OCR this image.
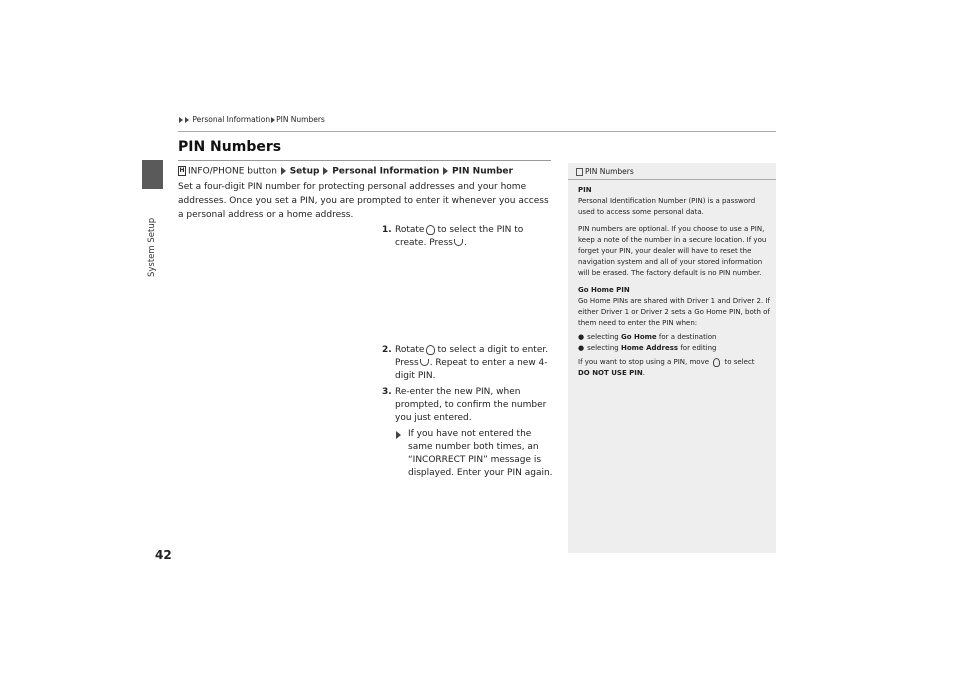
System Setup
42
Personal Information PIN Numbers
PIN Numbers
H INFO/PHONE button Setup Personal Information PIN Number
Set a four-digit PIN number for protecting personal addresses and your home addresses. Once you set a PIN, you are prompted to enter it whenever you access a personal address or a home address.
1. Rotate to select the PIN to create. Press .
2. Rotate to select a digit to enter. Press . Repeat to enter a new 4-digit PIN.
3. Re-enter the new PIN, when prompted, to confirm the number you just entered.
If you have not entered the same number both times, an “INCORRECT PIN” message is displayed. Enter your PIN again.
PIN Numbers

PIN
Personal Identification Number (PIN) is a password used to access some personal data.

PIN numbers are optional. If you choose to use a PIN, keep a note of the number in a secure location. If you forget your PIN, your dealer will have to reset the navigation system and all of your stored information will be erased. The factory default is no PIN number.

Go Home PIN
Go Home PINs are shared with Driver 1 and Driver 2. If either Driver 1 or Driver 2 sets a Go Home PIN, both of them need to enter the PIN when:

● selecting Go Home for a destination
● selecting Home Address for editing

If you want to stop using a PIN, move to select
DO NOT USE PIN.
